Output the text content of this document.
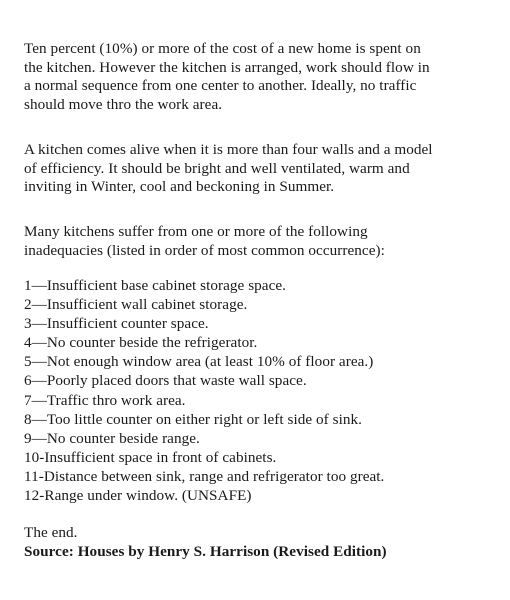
Ten percent (10%) or more of the cost of a new home is spent on
the kitchen. However the kitchen is arranged, work should flow in
a normal sequence from one center to another. Ideally, no traffic
should move thro the work area.

A kitchen comes alive when it is more than four walls and a model
of efficiency. It should be bright and well ventilated, warm and
inviting in Winter, cool and beckoning in Summer.

Many kitchens suffer from one or more of the following
inadequacies (listed in order of most common occurrence):

1—Insufficient base cabinet storage space.
2—Insufficient wall cabinet storage.
3—Insufficient counter space.
4—No counter beside the refrigerator.
5—Not enough window area (at least 10% of floor area.)
6—Poorly placed doors that waste wall space.
7—Traffic thro work area.
8—Too little counter on either right or left side of sink.
9—No counter beside range.
10-Insufficient space in front of cabinets.
11-Distance between sink, range and refrigerator too great.
12-Range under window. (UNSAFE)

The end.

Source: Houses by Henry S. Harrison (Revised Edition)
